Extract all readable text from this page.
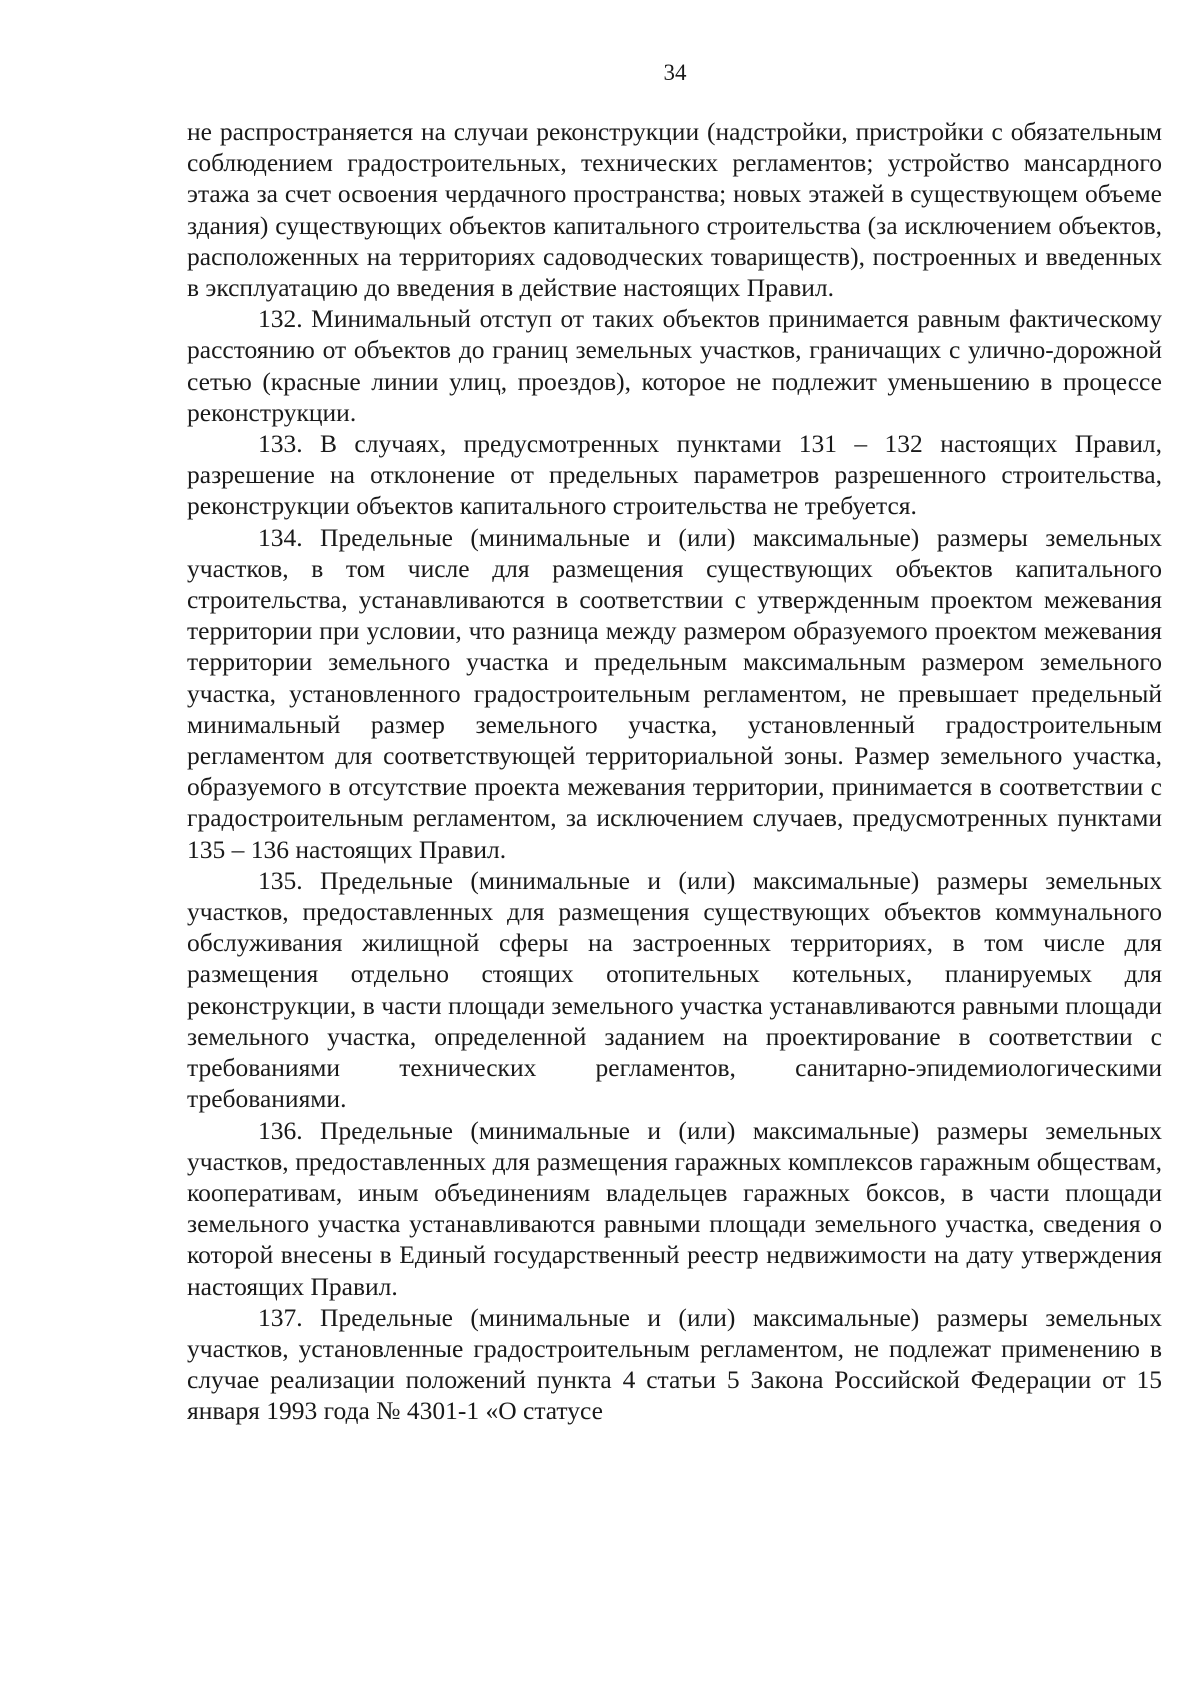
34

не распространяется на случаи реконструкции (надстройки, пристройки с обязательным соблюдением градостроительных, технических регламентов; устройство мансардного этажа за счет освоения чердачного пространства; новых этажей в существующем объеме здания) существующих объектов капитального строительства (за исключением объектов, расположенных на территориях садоводческих товариществ), построенных и введенных в эксплуатацию до введения в действие настоящих Правил.

132. Минимальный отступ от таких объектов принимается равным фактическому расстоянию от объектов до границ земельных участков, граничащих с улично-дорожной сетью (красные линии улиц, проездов), которое не подлежит уменьшению в процессе реконструкции.

133. В случаях, предусмотренных пунктами 131 – 132 настоящих Правил, разрешение на отклонение от предельных параметров разрешенного строительства, реконструкции объектов капитального строительства не требуется.

134. Предельные (минимальные и (или) максимальные) размеры земельных участков, в том числе для размещения существующих объектов капитального строительства, устанавливаются в соответствии с утвержденным проектом межевания территории при условии, что разница между размером образуемого проектом межевания территории земельного участка и предельным максимальным размером земельного участка, установленного градостроительным регламентом, не превышает предельный минимальный размер земельного участка, установленный градостроительным регламентом для соответствующей территориальной зоны. Размер земельного участка, образуемого в отсутствие проекта межевания территории, принимается в соответствии с градостроительным регламентом, за исключением случаев, предусмотренных пунктами 135 – 136 настоящих Правил.

135. Предельные (минимальные и (или) максимальные) размеры земельных участков, предоставленных для размещения существующих объектов коммунального обслуживания жилищной сферы на застроенных территориях, в том числе для размещения отдельно стоящих отопительных котельных, планируемых для реконструкции, в части площади земельного участка устанавливаются равными площади земельного участка, определенной заданием на проектирование в соответствии с требованиями технических регламентов, санитарно-эпидемиологическими требованиями.

136. Предельные (минимальные и (или) максимальные) размеры земельных участков, предоставленных для размещения гаражных комплексов гаражным обществам, кооперативам, иным объединениям владельцев гаражных боксов, в части площади земельного участка устанавливаются равными площади земельного участка, сведения о которой внесены в Единый государственный реестр недвижимости на дату утверждения настоящих Правил.

137. Предельные (минимальные и (или) максимальные) размеры земельных участков, установленные градостроительным регламентом, не подлежат применению в случае реализации положений пункта 4 статьи 5 Закона Российской Федерации от 15 января 1993 года № 4301-1 «О статусе
